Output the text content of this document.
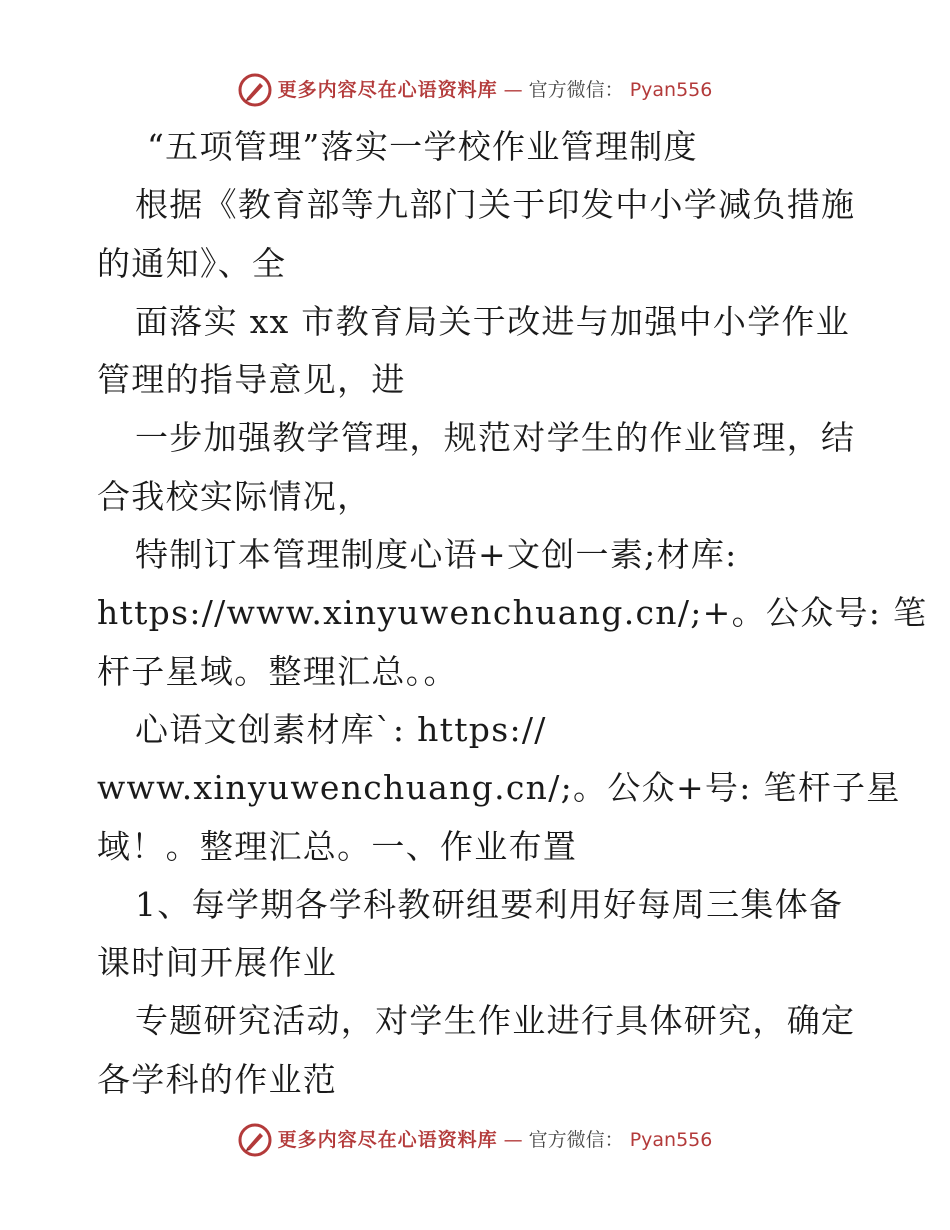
更多内容尽在心语资料库 — 官方微信： Pyan556

“五项管理”落实一学校作业管理制度

根据《教育部等九部门关于印发中小学减负措施

的通知》、全

面落实 xx 市教育局关于改进与加强中小学作业

管理的指导意见，进

一步加强教学管理，规范对学生的作业管理，结

合我校实际情况，

特制订本管理制度心语+文创一素;材库:

https://www.xinyuwenchuang.cn/;+。公众号: 笔

杆子星域。整理汇总。。

心语文创素材库`: https://

www.xinyuwenchuang.cn/;。公众+号: 笔杆子星

域！。整理汇总。一、作业布置

1、每学期各学科教研组要利用好每周三集体备

课时间开展作业

专题研究活动，对学生作业进行具体研究，确定

各学科的作业范

更多内容尽在心语资料库 — 官方微信： Pyan556
